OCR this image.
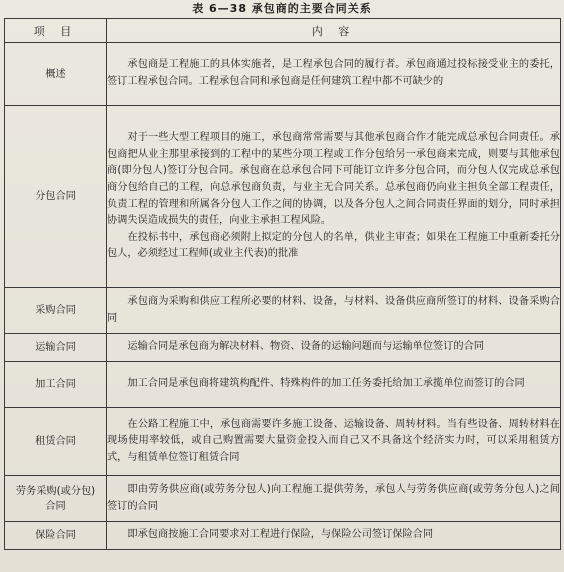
表 6—38 承包商的主要合同关系
项 目	内 容
概述	承包商是工程施工的具体实施者，是工程承包合同的履行者。承包商通过投标接受业主的委托，签订工程承包合同。工程承包合同和承包商是任何建筑工程中都不可缺少的

分包合同	对于一些大型工程项目的施工，承包商常常需要与其他承包商合作才能完成总承包合同责任。承包商把从业主那里承接到的工程中的某些分项工程或工作分包给另一承包商来完成，则要与其他承包商(即分包人)签订分包合同。承包商在总承包合同下可能订立许多分包合同，而分包人仅完成总承包商分包给自己的工程，向总承包商负责，与业主无合同关系。总承包商仍向业主担负全部工程责任，负责工程的管理和所属各分包人工作之间的协调，以及各分包人之间合同责任界面的划分，同时承担协调失误造成损失的责任，向业主承担工程风险。

在投标书中，承包商必须附上拟定的分包人的名单，供业主审查；如果在工程施工中重新委托分包人，必须经过工程师(或业主代表)的批准

采购合同	承包商为采购和供应工程所必要的材料、设备，与材料、设备供应商所签订的材料、设备采购合同

运输合同	运输合同是承包商为解决材料、物资、设备的运输问题而与运输单位签订的合同

加工合同	加工合同是承包商将建筑构配件、特殊构件的加工任务委托给加工承揽单位而签订的合同

租赁合同	在公路工程施工中，承包商需要许多施工设备、运输设备、周转材料。当有些设备、周转材料在现场使用率较低，或自己购置需要大量资金投入而自己又不具备这个经济实力时，可以采用租赁方式，与租赁单位签订租赁合同

劳务采购(或分包)合同	即由劳务供应商(或劳务分包人)向工程施工提供劳务，承包人与劳务供应商(或劳务分包人)之间签订的合同

保险合同	即承包商按施工合同要求对工程进行保险，与保险公司签订保险合同
